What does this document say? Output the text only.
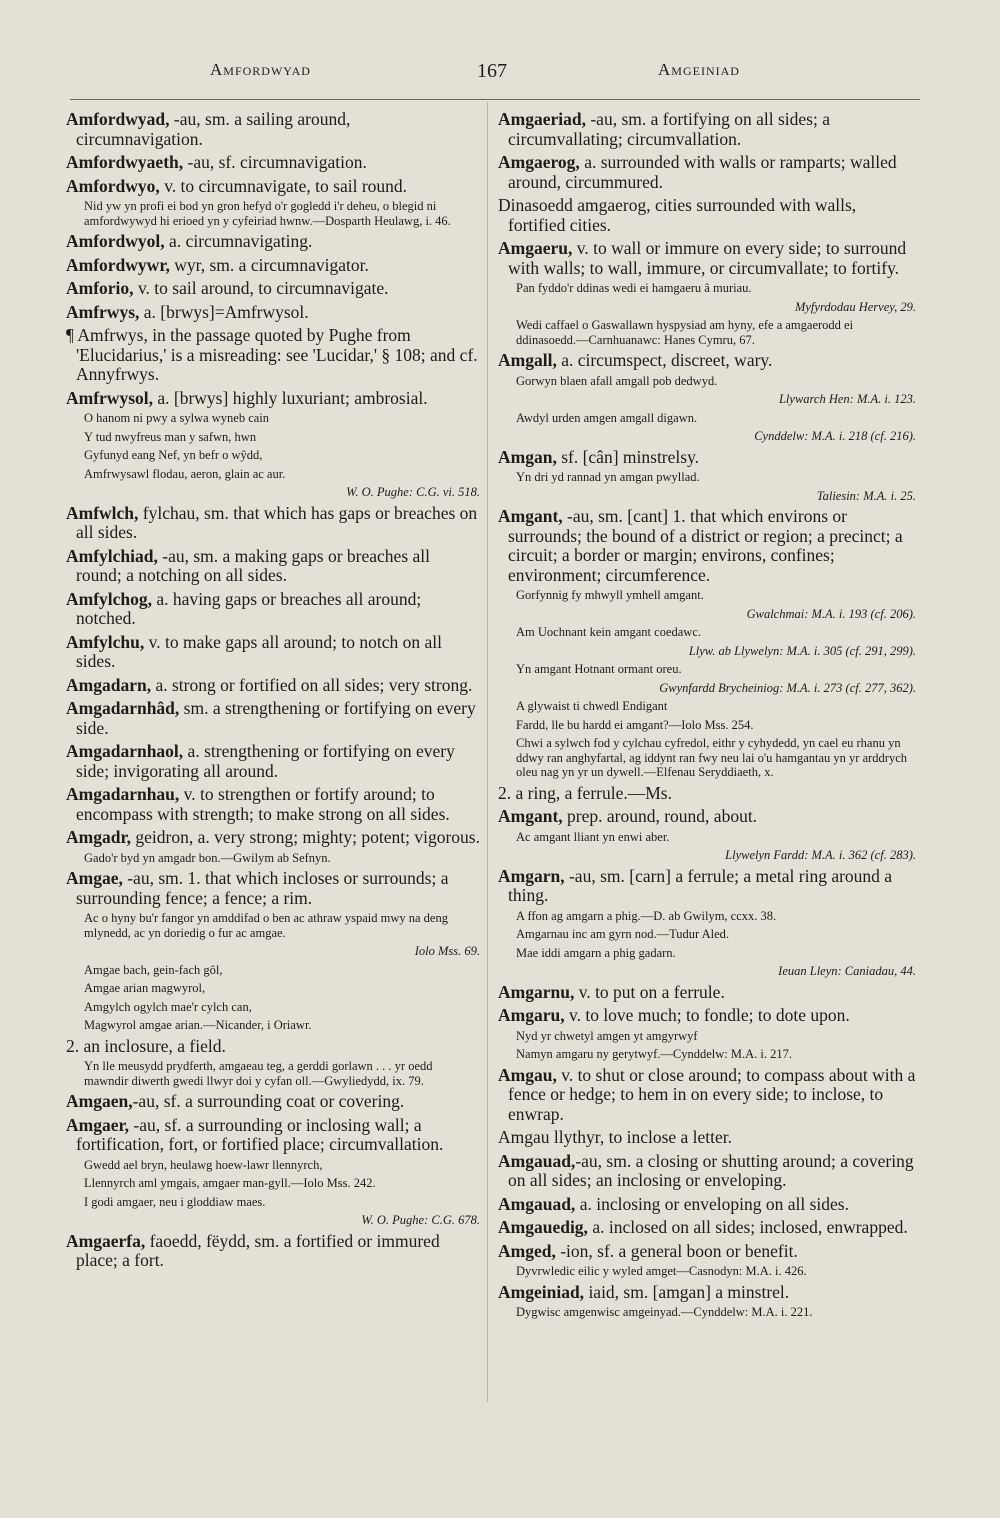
Amfordwyad	167	Amgeiniad
Amfordwyad, -au, sm. a sailing around, circumnavigation.
Amfordwyaeth, -au, sf. circumnavigation.
Amfordwyo, v. to circumnavigate, to sail round.
Nid yw yn profi ei bod yn gron hefyd o'r gogledd i'r deheu, o blegid ni amfordwywyd hi erioed yn y cyfeiriad hwnw.—Dosparth Heulawg, i. 46.
Amfordwyol, a. circumnavigating.
Amfordwywr, wyr, sm. a circumnavigator.
Amforio, v. to sail around, to circumnavigate.
Amfrwys, a. [brwys]=Amfrwysol.
¶ Amfrwys, in the passage quoted by Pughe from 'Elucidarius,' is a misreading: see 'Lucidar,' § 108; and cf. Annyfrwys.
Amfrwysol, a. [brwys] highly luxuriant; ambrosial.
O hanom ni pwy a sylwa wyneb cain
Y tud nwyfreus man y safwn, hwn
Gyfunyd eang Nef, yn befr o wŷdd,
Amfrwysawl flodau, aeron, glain ac aur.
W. O. Pughe: C.G. vi. 518.
Amfwlch, fylchau, sm. that which has gaps or breaches on all sides.
Amfylchiad, -au, sm. a making gaps or breaches all round; a notching on all sides.
Amfylchog, a. having gaps or breaches all around; notched.
Amfylchu, v. to make gaps all around; to notch on all sides.
Amgadarn, a. strong or fortified on all sides; very strong.
Amgadarnhâd, sm. a strengthening or fortifying on every side.
Amgadarnhaol, a. strengthening or fortifying on every side; invigorating all around.
Amgadarnhau, v. to strengthen or fortify around; to encompass with strength; to make strong on all sides.
Amgadr, geidron, a. very strong; mighty; potent; vigorous.
Gado'r byd yn amgadr bon.—Gwilym ab Sefnyn.
Amgae, -au, sm. 1. that which incloses or surrounds; a surrounding fence; a fence; a rim.
Ac o hyny bu'r fangor yn amddifad o ben ac athraw yspaid mwy na deng mlynedd, ac yn doriedig o fur ac amgae.
Iolo Mss. 69.
Amgae bach, gein-fach gôl,
Amgae arian magwyrol,
Amgylch ogylch mae'r cylch can,
Magwyrol amgae arian.—Nicander, i Oriawr.
2. an inclosure, a field.
Yn lle meusydd prydferth, amgaeau teg, a gerddi gorlawn . . . yr oedd mawndir diwerth gwedi llwyr doi y cyfan oll.—Gwyliedydd, ix. 79.
Amgaen,-au, sf. a surrounding coat or covering.
Amgaer, -au, sf. a surrounding or inclosing wall; a fortification, fort, or fortified place; circumvallation.
Gwedd ael bryn, heulawg hoew-lawr llennyrch,
Llennyrch aml ymgais, amgaer man-gyll.—Iolo Mss. 242.
I godi amgaer, neu i gloddiaw maes.
W. O. Pughe: C.G. 678.
Amgaerfa, faoedd, fëydd, sm. a fortified or immured place; a fort.
Amgaeriad, -au, sm. a fortifying on all sides; a circumvallating; circumvallation.
Amgaerog, a. surrounded with walls or ramparts; walled around, circummured.
Dinasoedd amgaerog, cities surrounded with walls, fortified cities.
Amgaeru, v. to wall or immure on every side; to surround with walls; to wall, immure, or circumvallate; to fortify.
Pan fyddo'r ddinas wedi ei hamgaeru â muriau.
Myfyrdodau Hervey, 29.
Wedi caffael o Gaswallawn hyspysiad am hyny, efe a amgaerodd ei ddinasoedd.—Carnhuanawc: Hanes Cymru, 67.
Amgall, a. circumspect, discreet, wary.
Gorwyn blaen afall amgall pob dedwyd.
Llywarch Hen: M.A. i. 123.
Awdyl urden amgen amgall digawn.
Cynddelw: M.A. i. 218 (cf. 216).
Amgan, sf. [cân] minstrelsy.
Yn dri yd rannad yn amgan pwyllad.
Taliesin: M.A. i. 25.
Amgant, -au, sm. [cant] 1. that which environs or surrounds; the bound of a district or region; a precinct; a circuit; a border or margin; environs, confines; environment; circumference.
Gorfynnig fy mhwyll ymhell amgant.
Gwalchmai: M.A. i. 193 (cf. 206).
Am Uochnant kein amgant coedawc.
Llyw. ab Llywelyn: M.A. i. 305 (cf. 291, 299).
Yn amgant Hotnant ormant oreu.
Gwynfardd Brycheiniog: M.A. i. 273 (cf. 277, 362).
A glywaist ti chwedl Endigant
Fardd, lle bu hardd ei amgant?—Iolo Mss. 254.
Chwi a sylwch fod y cylchau cyfredol, eithr y cyhydedd, yn cael eu rhanu yn ddwy ran anghyfartal, ag iddynt ran fwy neu lai o'u hamgantau yn yr arddrych oleu nag yn yr un dywell.—Elfenau Seryddiaeth, x.
2. a ring, a ferrule.—Ms.
Amgant, prep. around, round, about.
Ac amgant lliant yn enwi aber.
Llywelyn Fardd: M.A. i. 362 (cf. 283).
Amgarn, -au, sm. [carn] a ferrule; a metal ring around a thing.
A ffon ag amgarn a phig.—D. ab Gwilym, ccxx. 38.
Amgarnau inc am gyrn nod.—Tudur Aled.
Mae iddi amgarn a phig gadarn.
Ieuan Lleyn: Caniadau, 44.
Amgarnu, v. to put on a ferrule.
Amgaru, v. to love much; to fondle; to dote upon.
Nyd yr chwetyl amgen yt amgyrwyf
Namyn amgaru ny gerytwyf.—Cynddelw: M.A. i. 217.
Amgau, v. to shut or close around; to compass about with a fence or hedge; to hem in on every side; to inclose, to enwrap.
Amgau llythyr, to inclose a letter.
Amgauad,-au, sm. a closing or shutting around; a covering on all sides; an inclosing or enveloping.
Amgauad, a. inclosing or enveloping on all sides.
Amgauedig, a. inclosed on all sides; inclosed, enwrapped.
Amged, -ion, sf. a general boon or benefit.
Dyvrwledic eilic y wyled amget—Casnodyn: M.A. i. 426.
Amgeiniad, iaid, sm. [amgan] a minstrel.
Dygwisc amgenwisc amgeinyad.—Cynddelw: M.A. i. 221.
